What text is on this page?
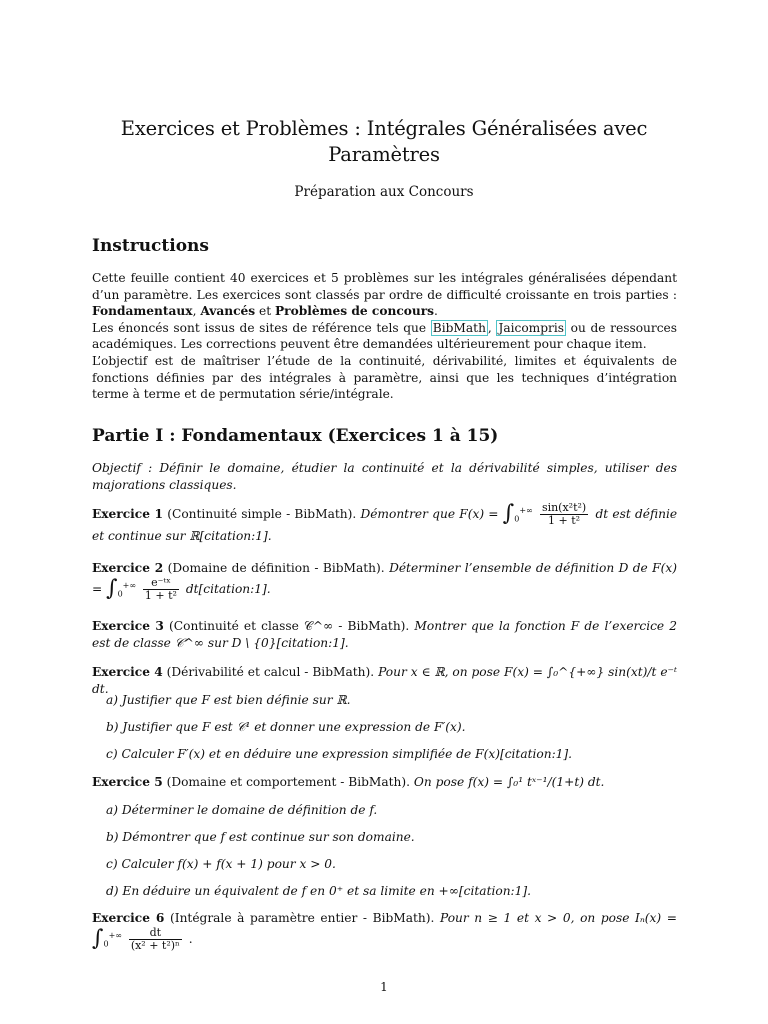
Exercices et Problèmes : Intégrales Généralisées avec
Paramètres
Préparation aux Concours
Instructions

Cette feuille contient 40 exercices et 5 problèmes sur les intégrales généralisées dépendant d’un paramètre. Les exercices sont classés par ordre de difficulté croissante en trois parties : Fondamentaux, Avancés et Problèmes de concours.

Les énoncés sont issus de sites de référence tels que BibMath , Jaicompris ou de ressources académiques. Les corrections peuvent être demandées ultérieurement pour chaque item.

L’objectif est de maîtriser l’étude de la continuité, dérivabilité, limites et équivalents de fonctions définies par des intégrales à paramètre, ainsi que les techniques d’intégration terme à terme et de permutation série/intégrale.

Partie I : Fondamentaux (Exercices 1 à 15)
Objectif : Définir le domaine, étudier la continuité et la dérivabilité simples, utiliser des majorations classiques.
Exercice 1 (Continuité simple - BibMath). Démontrer que $F(x) = \int_0^{+\infty} \frac{\text{sin(x²t²)}}{\text{1 + t²}}$ dt est définie et continue sur ℝ[citation:1].
Exercice 2 (Domaine de définition - BibMath). Déterminer l’ensemble de définition D de $F(x) = \int_0^{+\infty} \frac{\text{e⁻ᵗˣ}}{\text{1 + t²}}$ dt[citation:1].
Exercice 3 (Continuité et classe 𝒞^∞ - BibMath). Montrer que la fonction F de l’exercice 2 est de classe 𝒞^∞ sur D \ {0}[citation:1].
Exercice 4 (Dérivabilité et calcul - BibMath). Pour x ∈ ℝ, on pose F(x) = ∫₀^{+∞} sin(xt)/t e⁻ᵗ dt.
a) Justifier que F est bien définie sur ℝ.
b) Justifier que F est 𝒞¹ et donner une expression de F′(x).
c) Calculer F′(x) et en déduire une expression simplifiée de F(x)[citation:1].
Exercice 5 (Domaine et comportement - BibMath). On pose f(x) = ∫₀¹ tˣ⁻¹/(1+t) dt.
a) Déterminer le domaine de définition de f.
b) Démontrer que f est continue sur son domaine.
c) Calculer f(x) + f(x + 1) pour x > 0.
d) En déduire un équivalent de f en 0⁺ et sa limite en +∞[citation:1].
Exercice 6 (Intégrale à paramètre entier - BibMath). Pour n ≥ 1 et x > 0, on pose $I_n(x) = \int_0^{+\infty} \frac{dt}{\text{(x² + t²)ⁿ}}$ .
1
